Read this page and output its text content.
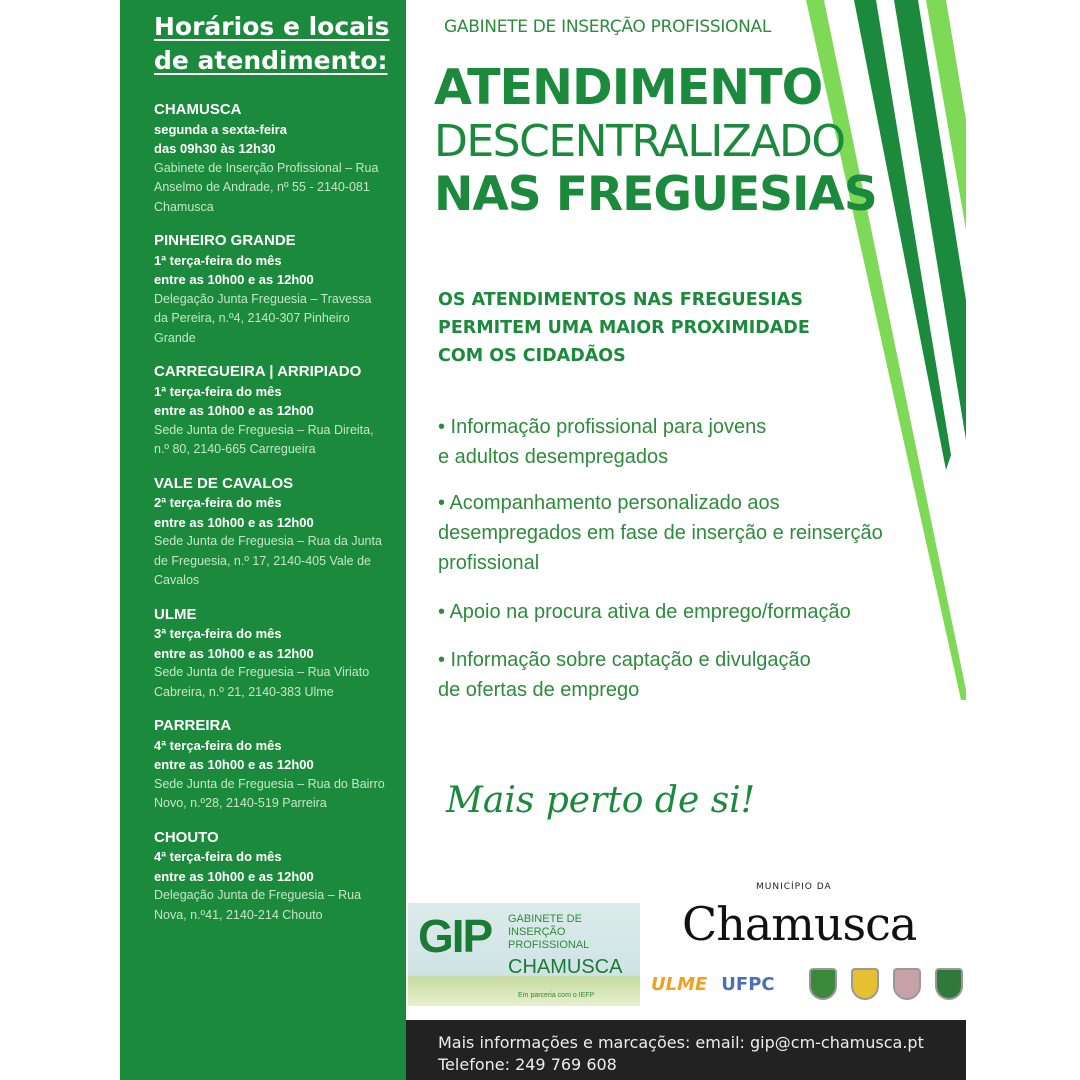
Horários e locais de atendimento:
CHAMUSCA
segunda a sexta-feira
das 09h30 às 12h30
Gabinete de Inserção Profissional – Rua Anselmo de Andrade, nº 55 - 2140-081 Chamusca
PINHEIRO GRANDE
1ª terça-feira do mês
entre as 10h00 e as 12h00
Delegação Junta Freguesia – Travessa da Pereira, n.º4, 2140-307 Pinheiro Grande
CARREGUEIRA | ARRIPIADO
1ª terça-feira do mês
entre as 10h00 e as 12h00
Sede Junta de Freguesia – Rua Direita, n.º 80, 2140-665 Carregueira
VALE DE CAVALOS
2ª terça-feira do mês
entre as 10h00 e as 12h00
Sede Junta de Freguesia – Rua da Junta de Freguesia, n.º 17, 2140-405 Vale de Cavalos
ULME
3ª terça-feira do mês
entre as 10h00 e as 12h00
Sede Junta de Freguesia – Rua Viriato Cabreira, n.º 21, 2140-383 Ulme
PARREIRA
4ª terça-feira do mês
entre as 10h00 e as 12h00
Sede Junta de Freguesia – Rua do Bairro Novo, n.º28, 2140-519 Parreira
CHOUTO
4ª terça-feira do mês
entre as 10h00 e as 12h00
Delegação Junta de Freguesia – Rua Nova, n.º41, 2140-214 Chouto
GABINETE DE INSERÇÃO PROFISSIONAL
ATENDIMENTO
DESCENTRALIZADO
NAS FREGUESIAS
OS ATENDIMENTOS NAS FREGUESIAS PERMITEM UMA MAIOR PROXIMIDADE COM OS CIDADÃOS
• Informação profissional para jovens e adultos desempregados
• Acompanhamento personalizado aos desempregados em fase de inserção e reinserção profissional
• Apoio na procura ativa de emprego/formação
• Informação sobre captação e divulgação de ofertas de emprego
Mais perto de si!
GIP GABINETE DE INSERÇÃO PROFISSIONAL
CHAMUSCA
Em parceria com o IEFP
MUNICÍPIO DA
Chamusca
ULME UFPC
Mais informações e marcações: email: gip@cm-chamusca.pt
Telefone: 249 769 608
